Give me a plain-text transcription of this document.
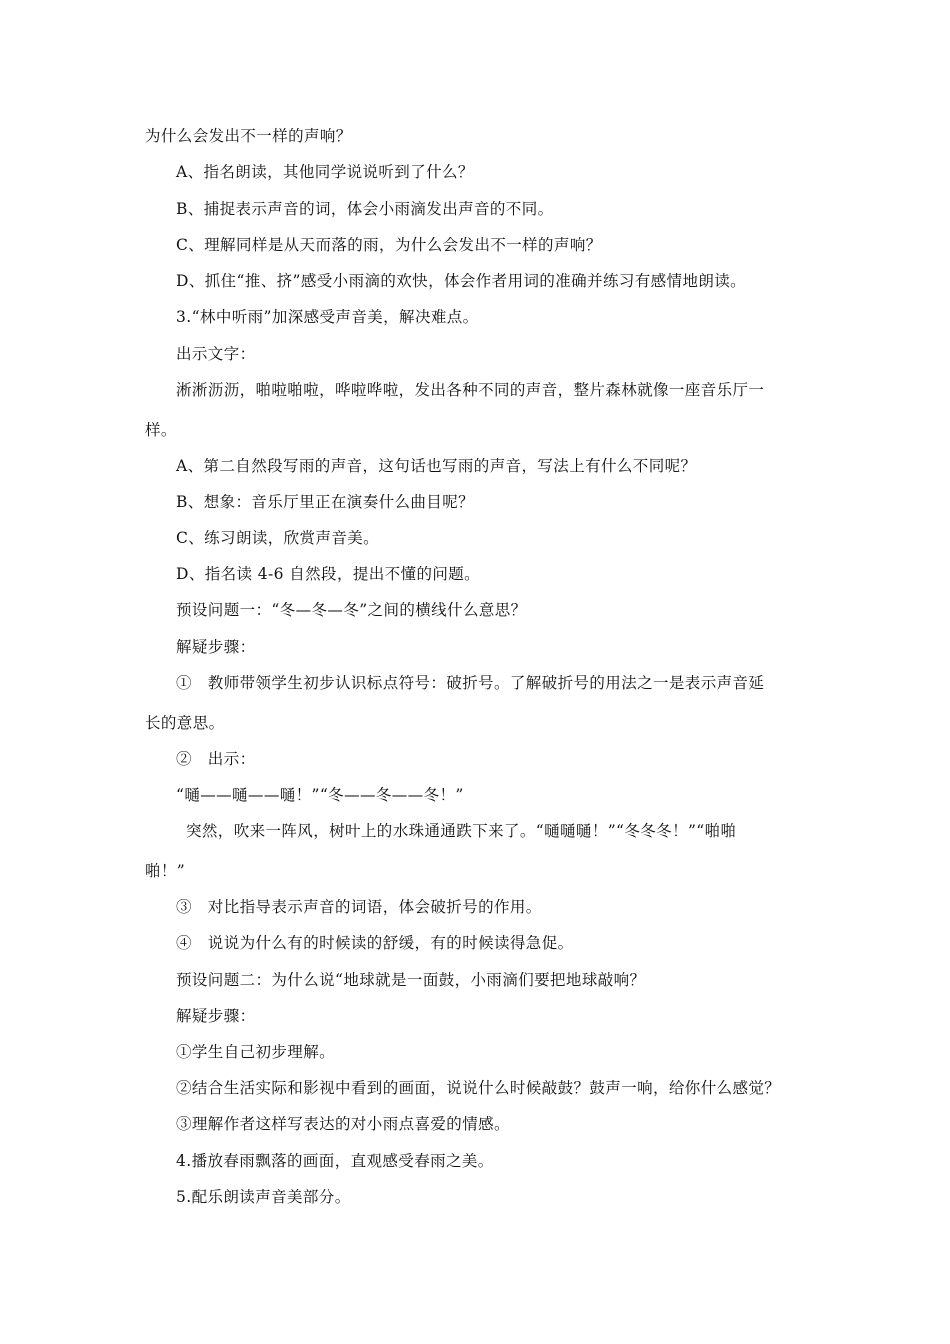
为什么会发出不一样的声响？
A、指名朗读，其他同学说说听到了什么？
B、捕捉表示声音的词，体会小雨滴发出声音的不同。
C、理解同样是从天而落的雨，为什么会发出不一样的声响？
D、抓住“推、挤”感受小雨滴的欢快，体会作者用词的准确并练习有感情地朗读。
3.“林中听雨”加深感受声音美，解决难点。
出示文字：
淅淅沥沥，啪啦啪啦，哗啦哗啦，发出各种不同的声音，整片森林就像一座音乐厅一
样。
A、第二自然段写雨的声音，这句话也写雨的声音，写法上有什么不同呢？
B、想象：音乐厅里正在演奏什么曲目呢？
C、练习朗读，欣赏声音美。
D、指名读 4-6 自然段，提出不懂的问题。
预设问题一：“冬—冬—冬”之间的横线什么意思？
解疑步骤：
①　教师带领学生初步认识标点符号：破折号。了解破折号的用法之一是表示声音延
长的意思。
②　出示：
“嗵——嗵——嗵！”“冬——冬——冬！”
突然，吹来一阵风，树叶上的水珠通通跌下来了。“嗵嗵嗵！”“冬冬冬！”“啪啪
啪！”
③　对比指导表示声音的词语，体会破折号的作用。
④　说说为什么有的时候读的舒缓，有的时候读得急促。
预设问题二：为什么说“地球就是一面鼓，小雨滴们要把地球敲响？
解疑步骤：
①学生自己初步理解。
②结合生活实际和影视中看到的画面，说说什么时候敲鼓？鼓声一响，给你什么感觉？
③理解作者这样写表达的对小雨点喜爱的情感。
4.播放春雨飘落的画面，直观感受春雨之美。
5.配乐朗读声音美部分。
